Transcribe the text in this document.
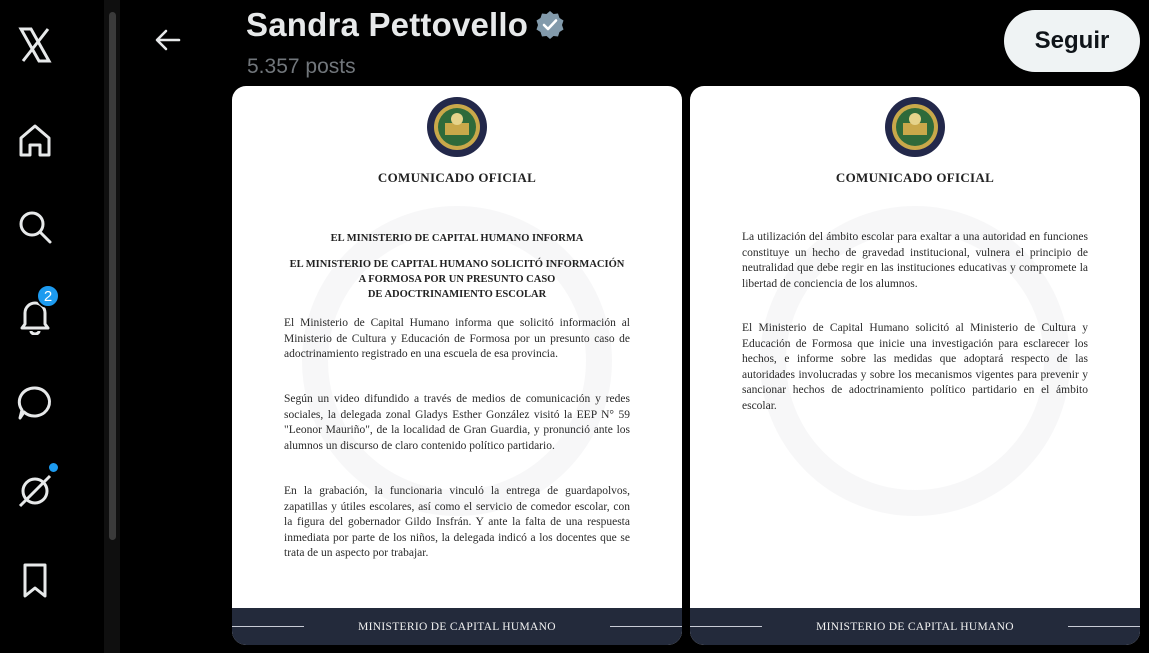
2
Sandra Pettovello
5.357 posts
Seguir
COMUNICADO OFICIAL
EL MINISTERIO DE CAPITAL HUMANO INFORMA
EL MINISTERIO DE CAPITAL HUMANO SOLICITÓ INFORMACIÓN
A FORMOSA POR UN PRESUNTO CASO
DE ADOCTRINAMIENTO ESCOLAR
El Ministerio de Capital Humano informa que solicitó información al Ministerio de Cultura y Educación de Formosa por un presunto caso de adoctrinamiento registrado en una escuela de esa provincia.
Según un video difundido a través de medios de comunicación y redes sociales, la delegada zonal Gladys Esther González visitó la EEP N° 59 "Leonor Mauriño", de la localidad de Gran Guardia, y pronunció ante los alumnos un discurso de claro contenido político partidario.
En la grabación, la funcionaria vinculó la entrega de guardapolvos, zapatillas y útiles escolares, así como el servicio de comedor escolar, con la figura del gobernador Gildo Insfrán. Y ante la falta de una respuesta inmediata por parte de los niños, la delegada indicó a los docentes que se trata de un aspecto por trabajar.
MINISTERIO DE CAPITAL HUMANO
COMUNICADO OFICIAL
La utilización del ámbito escolar para exaltar a una autoridad en funciones constituye un hecho de gravedad institucional, vulnera el principio de neutralidad que debe regir en las instituciones educativas y compromete la libertad de conciencia de los alumnos.
El Ministerio de Capital Humano solicitó al Ministerio de Cultura y Educación de Formosa que inicie una investigación para esclarecer los hechos, e informe sobre las medidas que adoptará respecto de las autoridades involucradas y sobre los mecanismos vigentes para prevenir y sancionar hechos de adoctrinamiento político partidario en el ámbito escolar.
MINISTERIO DE CAPITAL HUMANO
